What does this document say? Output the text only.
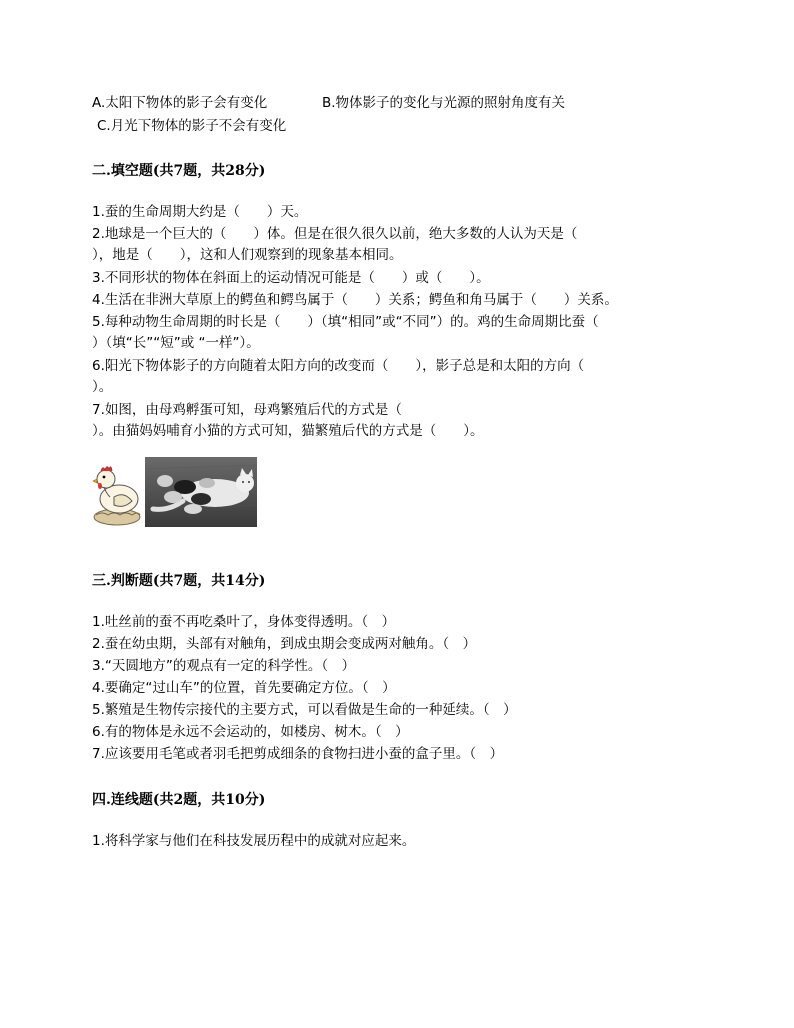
A.太阳下物体的影子会有变化	B.物体影子的变化与光源的照射角度有关
C.月光下物体的影子不会有变化
二.填空题(共7题，共28分)
1.蚕的生命周期大约是（　　）天。
2.地球是一个巨大的（　　）体。但是在很久很久以前，绝大多数的人认为天是（
），地是（　　），这和人们观察到的现象基本相同。
3.不同形状的物体在斜面上的运动情况可能是（　　）或（　　）。
4.生活在非洲大草原上的鳄鱼和鳄鸟属于（　　）关系；鳄鱼和角马属于（　　）关系。
5.每种动物生命周期的时长是（　　）（填“相同”或“不同”）的。鸡的生命周期比蚕（
）（填“长”“短”或 “一样”）。
6.阳光下物体影子的方向随着太阳方向的改变而（　　），影子总是和太阳的方向（
）。
7.如图，由母鸡孵蛋可知，母鸡繁殖后代的方式是（
）。由猫妈妈哺育小猫的方式可知，猫繁殖后代的方式是（　　）。
三.判断题(共7题，共14分)
1.吐丝前的蚕不再吃桑叶了，身体变得透明。（　）
2.蚕在幼虫期，头部有对触角，到成虫期会变成两对触角。（　）
3.“天圆地方”的观点有一定的科学性。（　）
4.要确定“过山车”的位置，首先要确定方位。（　）
5.繁殖是生物传宗接代的主要方式，可以看做是生命的一种延续。（　）
6.有的物体是永远不会运动的，如楼房、树木。（　）
7.应该要用毛笔或者羽毛把剪成细条的食物扫进小蚕的盒子里。（　）
四.连线题(共2题，共10分)
1.将科学家与他们在科技发展历程中的成就对应起来。
